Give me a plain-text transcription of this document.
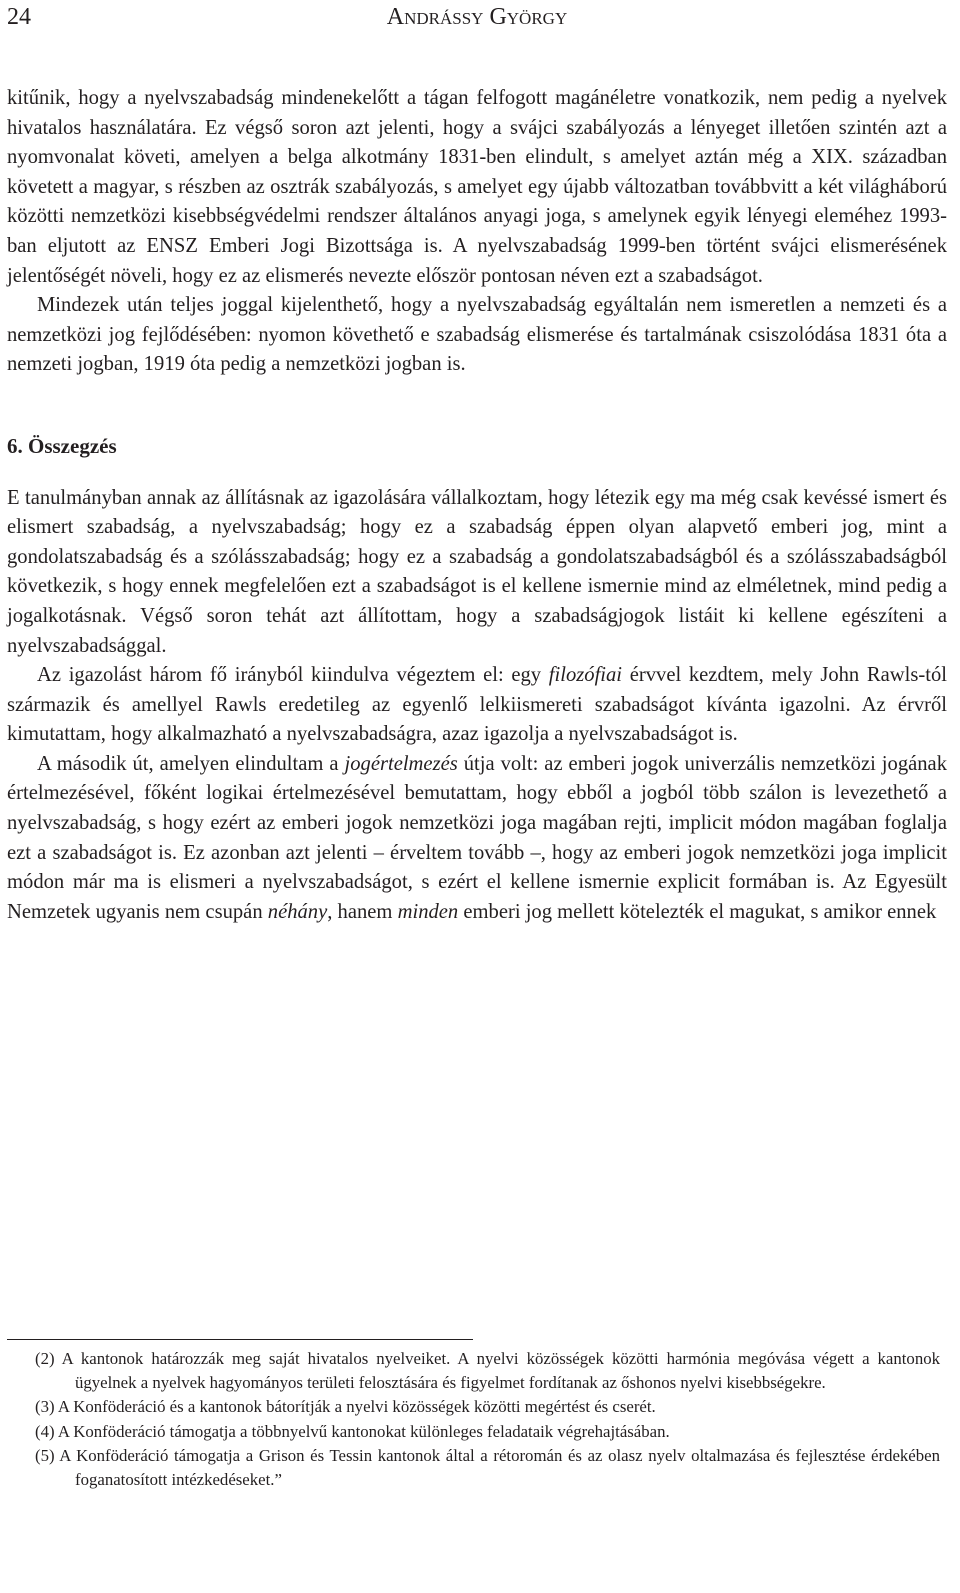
24	Andrássy György

kitűnik, hogy a nyelvszabadság mindenekelőtt a tágan felfogott magánéletre vonatkozik, nem pedig a nyelvek hivatalos használatára. Ez végső soron azt jelenti, hogy a svájci szabályozás a lényeget illetően szintén azt a nyomvonalat követi, amelyen a belga alkotmány 1831-ben elindult, s amelyet aztán még a XIX. században követett a magyar, s részben az osztrák szabályozás, s amelyet egy újabb változatban továbbvitt a két világháború közötti nemzetközi kisebbségvédelmi rendszer általános anyagi joga, s amelynek egyik lényegi eleméhez 1993-ban eljutott az ENSZ Emberi Jogi Bizottsága is. A nyelvszabadság 1999-ben történt svájci elismerésének jelentőségét növeli, hogy ez az elismerés nevezte először pontosan néven ezt a szabadságot.

Mindezek után teljes joggal kijelenthető, hogy a nyelvszabadság egyáltalán nem ismeretlen a nemzeti és a nemzetközi jog fejlődésében: nyomon követhető e szabadság elismerése és tartalmának csiszolódása 1831 óta a nemzeti jogban, 1919 óta pedig a nemzetközi jogban is.

6. Összegzés

E tanulmányban annak az állításnak az igazolására vállalkoztam, hogy létezik egy ma még csak kevéssé ismert és elismert szabadság, a nyelvszabadság; hogy ez a szabadság éppen olyan alapvető emberi jog, mint a gondolatszabadság és a szólásszabadság; hogy ez a szabadság a gondolatszabadságból és a szólásszabadságból következik, s hogy ennek megfelelően ezt a szabadságot is el kellene ismernie mind az elméletnek, mind pedig a jogalkotásnak. Végső soron tehát azt állítottam, hogy a szabadságjogok listáit ki kellene egészíteni a nyelvszabadsággal.

Az igazolást három fő irányból kiindulva végeztem el: egy filozófiai érvvel kezdtem, mely John Rawls-tól származik és amellyel Rawls eredetileg az egyenlő lelkiismereti szabadságot kívánta igazolni. Az érvről kimutattam, hogy alkalmazható a nyelvszabadságra, azaz igazolja a nyelvszabadságot is.

A második út, amelyen elindultam a jogértelmezés útja volt: az emberi jogok univerzális nemzetközi jogának értelmezésével, főként logikai értelmezésével bemutattam, hogy ebből a jogból több szálon is levezethető a nyelvszabadság, s hogy ezért az emberi jogok nemzetközi joga magában rejti, implicit módon magában foglalja ezt a szabadságot is. Ez azonban azt jelenti – érveltem tovább –, hogy az emberi jogok nemzetközi joga implicit módon már ma is elismeri a nyelvszabadságot, s ezért el kellene ismernie explicit formában is. Az Egyesült Nemzetek ugyanis nem csupán néhány, hanem minden emberi jog mellett kötelezték el magukat, s amikor ennek

(2) A kantonok határozzák meg saját hivatalos nyelveiket. A nyelvi közösségek közötti harmónia megóvása végett a kantonok ügyelnek a nyelvek hagyományos területi felosztására és figyelmet fordítanak az őshonos nyelvi kisebbségekre.

(3) A Konföderáció és a kantonok bátorítják a nyelvi közösségek közötti megértést és cserét.

(4) A Konföderáció támogatja a többnyelvű kantonokat különleges feladataik végrehajtásában.

(5) A Konföderáció támogatja a Grison és Tessin kantonok által a rétoromán és az olasz nyelv oltalmazása és fejlesztése érdekében foganatosított intézkedéseket.”
